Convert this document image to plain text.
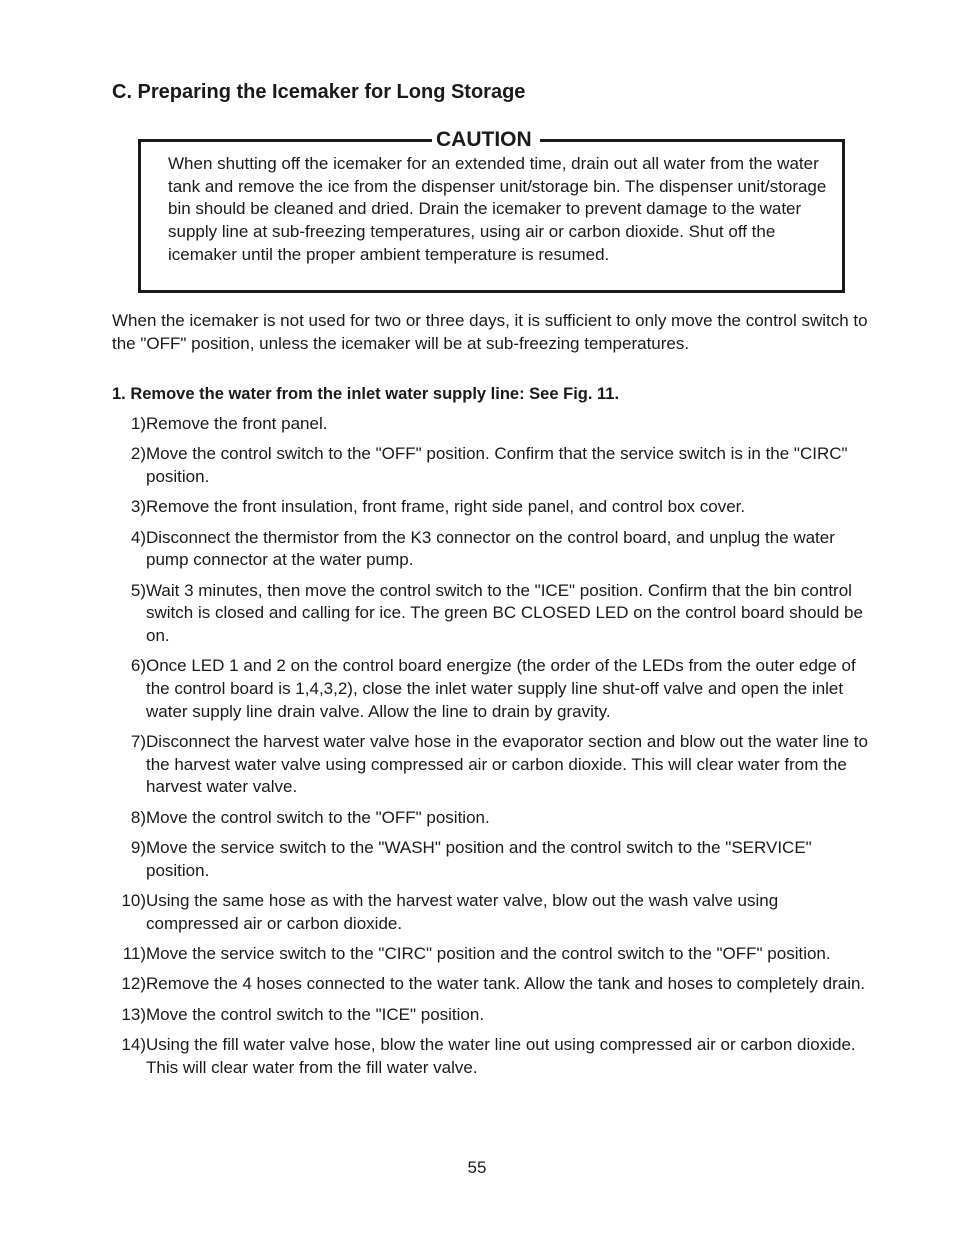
C. Preparing the Icemaker for Long Storage
CAUTION

When shutting off the icemaker for an extended time, drain out all water from the water tank and remove the ice from the dispenser unit/storage bin. The dispenser unit/storage bin should be cleaned and dried. Drain the icemaker to prevent damage to the water supply line at sub-freezing temperatures, using air or carbon dioxide. Shut off the icemaker until the proper ambient temperature is resumed.

When the icemaker is not used for two or three days, it is sufficient to only move the control switch to the "OFF" position, unless the icemaker will be at sub-freezing temperatures.

1. Remove the water from the inlet water supply line: See Fig. 11.
1) Remove the front panel.
2) Move the control switch to the "OFF" position. Confirm that the service switch is in the "CIRC" position.
3) Remove the front insulation, front frame, right side panel, and control box cover.
4) Disconnect the thermistor from the K3 connector on the control board, and unplug the water pump connector at the water pump.
5) Wait 3 minutes, then move the control switch to the "ICE" position. Confirm that the bin control switch is closed and calling for ice. The green BC CLOSED LED on the control board should be on.
6) Once LED 1 and 2 on the control board energize (the order of the LEDs from the outer edge of the control board is 1,4,3,2), close the inlet water supply line shut-off valve and open the inlet water supply line drain valve. Allow the line to drain by gravity.
7) Disconnect the harvest water valve hose in the evaporator section and blow out the water line to the harvest water valve using compressed air or carbon dioxide. This will clear water from the harvest water valve.
8) Move the control switch to the "OFF" position.
9) Move the service switch to the "WASH" position and the control switch to the "SERVICE" position.
10) Using the same hose as with the harvest water valve, blow out the wash valve using compressed air or carbon dioxide.
11) Move the service switch to the "CIRC" position and the control switch to the "OFF" position.
12) Remove the 4 hoses connected to the water tank. Allow the tank and hoses to completely drain.
13) Move the control switch to the "ICE" position.
14) Using the fill water valve hose, blow the water line out using compressed air or carbon dioxide. This will clear water from the fill water valve.

55
